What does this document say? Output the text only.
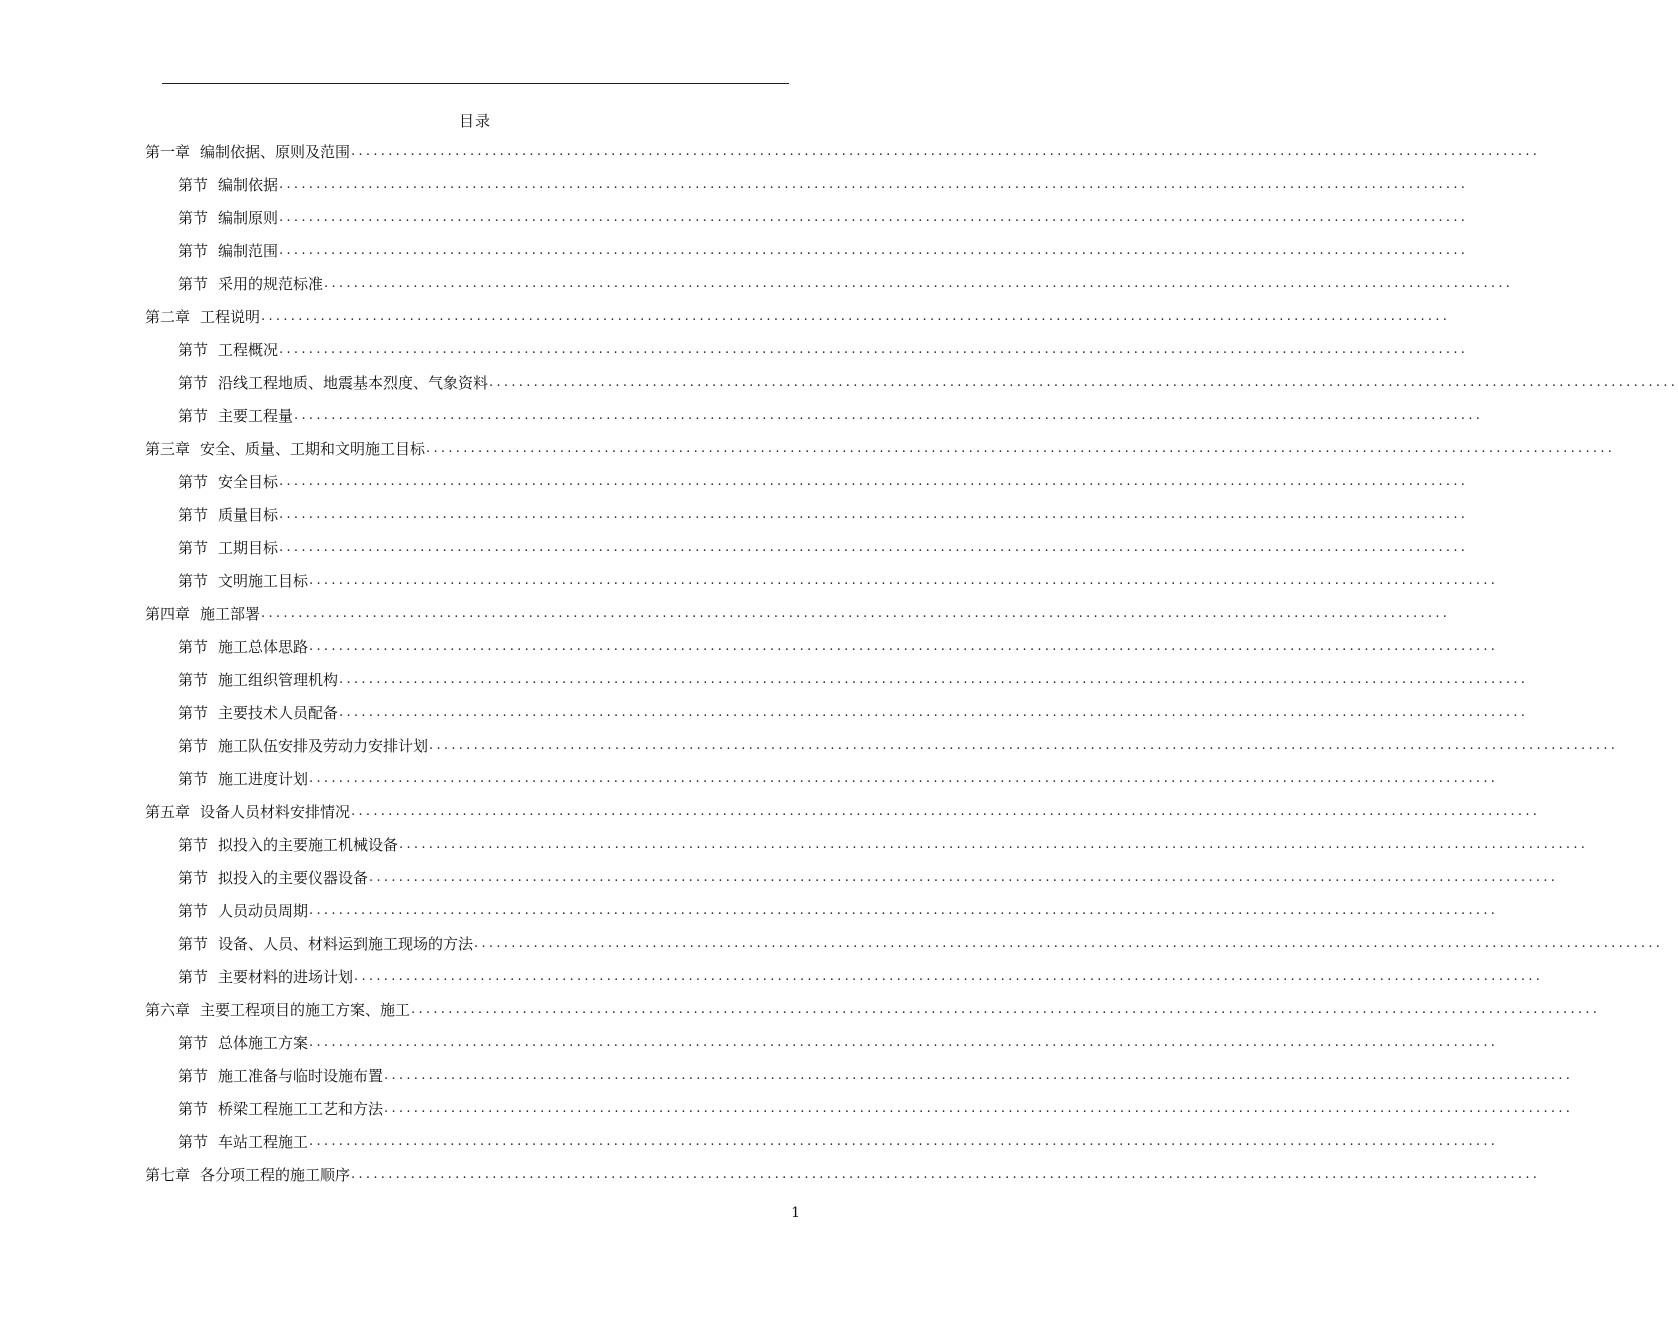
目录
第一章 编制依据、原则及范围 ................................................................................................................................................................
第节 编制依据 ................................................................................................................................................................
第节 编制原则 ................................................................................................................................................................
第节 编制范围 ................................................................................................................................................................
第节 采用的规范标准 ................................................................................................................................................................
第二章 工程说明 ................................................................................................................................................................
第节 工程概况 ................................................................................................................................................................
第节 沿线工程地质、地震基本烈度、气象资料 ................................................................................................................................................................
第节 主要工程量 ................................................................................................................................................................
第三章 安全、质量、工期和文明施工目标 ................................................................................................................................................................
第节 安全目标 ................................................................................................................................................................
第节 质量目标 ................................................................................................................................................................
第节 工期目标 ................................................................................................................................................................
第节 文明施工目标 ................................................................................................................................................................
第四章 施工部署 ................................................................................................................................................................
第节 施工总体思路 ................................................................................................................................................................
第节 施工组织管理机构 ................................................................................................................................................................
第节 主要技术人员配备 ................................................................................................................................................................
第节 施工队伍安排及劳动力安排计划 ................................................................................................................................................................
第节 施工进度计划 ................................................................................................................................................................
第五章 设备人员材料安排情况 ................................................................................................................................................................
第节 拟投入的主要施工机械设备 ................................................................................................................................................................
第节 拟投入的主要仪器设备 ................................................................................................................................................................
第节 人员动员周期 ................................................................................................................................................................
第节 设备、人员、材料运到施工现场的方法 ................................................................................................................................................................
第节 主要材料的进场计划 ................................................................................................................................................................
第六章 主要工程项目的施工方案、施工 ................................................................................................................................................................
第节 总体施工方案 ................................................................................................................................................................
第节 施工准备与临时设施布置 ................................................................................................................................................................
第节 桥梁工程施工工艺和方法 ................................................................................................................................................................
第节 车站工程施工 ................................................................................................................................................................
第七章 各分项工程的施工顺序 ................................................................................................................................................................
1
